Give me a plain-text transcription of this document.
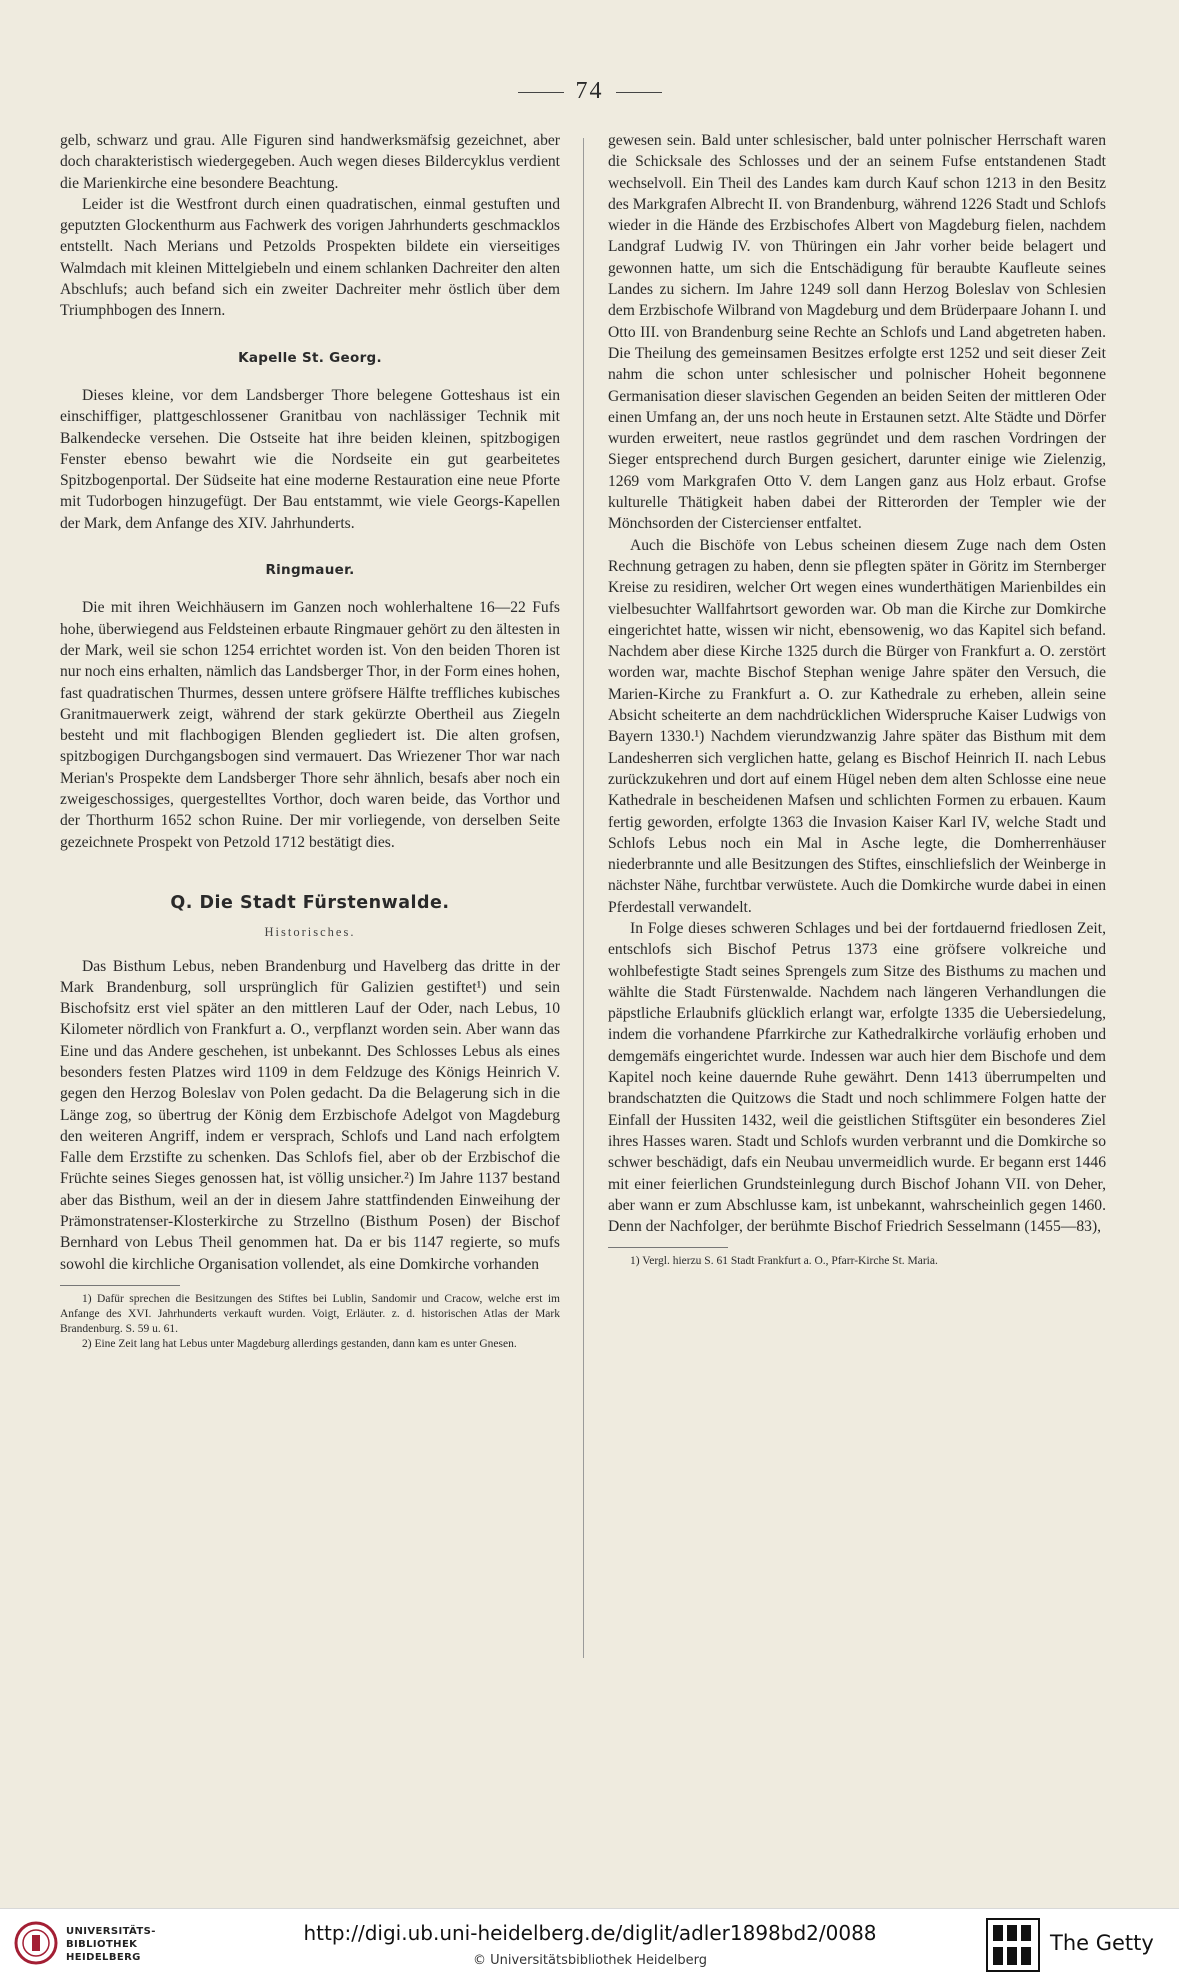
74

gelb, schwarz und grau. Alle Figuren sind handwerksmäfsig gezeichnet, aber doch charakteristisch wiedergegeben. Auch wegen dieses Bildercyklus verdient die Marienkirche eine besondere Beachtung.

Leider ist die Westfront durch einen quadratischen, einmal gestuften und geputzten Glockenthurm aus Fachwerk des vorigen Jahrhunderts geschmacklos entstellt. Nach Merians und Petzolds Prospekten bildete ein vierseitiges Walmdach mit kleinen Mittelgiebeln und einem schlanken Dachreiter den alten Abschlufs; auch befand sich ein zweiter Dachreiter mehr östlich über dem Triumphbogen des Innern.

Kapelle St. Georg.

Dieses kleine, vor dem Landsberger Thore belegene Gotteshaus ist ein einschiffiger, plattgeschlossener Granitbau von nachlässiger Technik mit Balkendecke versehen. Die Ostseite hat ihre beiden kleinen, spitzbogigen Fenster ebenso bewahrt wie die Nordseite ein gut gearbeitetes Spitzbogenportal. Der Südseite hat eine moderne Restauration eine neue Pforte mit Tudorbogen hinzugefügt. Der Bau entstammt, wie viele Georgs-Kapellen der Mark, dem Anfange des XIV. Jahrhunderts.

Ringmauer.

Die mit ihren Weichhäusern im Ganzen noch wohlerhaltene 16—22 Fufs hohe, überwiegend aus Feldsteinen erbaute Ringmauer gehört zu den ältesten in der Mark, weil sie schon 1254 errichtet worden ist. Von den beiden Thoren ist nur noch eins erhalten, nämlich das Landsberger Thor, in der Form eines hohen, fast quadratischen Thurmes, dessen untere gröfsere Hälfte treffliches kubisches Granitmauerwerk zeigt, während der stark gekürzte Obertheil aus Ziegeln besteht und mit flachbogigen Blenden gegliedert ist. Die alten grofsen, spitzbogigen Durchgangsbogen sind vermauert. Das Wriezener Thor war nach Merian's Prospekte dem Landsberger Thore sehr ähnlich, besafs aber noch ein zweigeschossiges, quergestelltes Vorthor, doch waren beide, das Vorthor und der Thorthurm 1652 schon Ruine. Der mir vorliegende, von derselben Seite gezeichnete Prospekt von Petzold 1712 bestätigt dies.

Q. Die Stadt Fürstenwalde.
Historisches.

Das Bisthum Lebus, neben Brandenburg und Havelberg das dritte in der Mark Brandenburg, soll ursprünglich für Galizien gestiftet¹) und sein Bischofsitz erst viel später an den mittleren Lauf der Oder, nach Lebus, 10 Kilometer nördlich von Frankfurt a. O., verpflanzt worden sein. Aber wann das Eine und das Andere geschehen, ist unbekannt. Des Schlosses Lebus als eines besonders festen Platzes wird 1109 in dem Feldzuge des Königs Heinrich V. gegen den Herzog Boleslav von Polen gedacht. Da die Belagerung sich in die Länge zog, so übertrug der König dem Erzbischofe Adelgot von Magdeburg den weiteren Angriff, indem er versprach, Schlofs und Land nach erfolgtem Falle dem Erzstifte zu schenken. Das Schlofs fiel, aber ob der Erzbischof die Früchte seines Sieges genossen hat, ist völlig unsicher.²) Im Jahre 1137 bestand aber das Bisthum, weil an der in diesem Jahre stattfindenden Einweihung der Prämonstratenser-Klosterkirche zu Strzellno (Bisthum Posen) der Bischof Bernhard von Lebus Theil genommen hat. Da er bis 1147 regierte, so mufs sowohl die kirchliche Organisation vollendet, als eine Domkirche vorhanden

1) Dafür sprechen die Besitzungen des Stiftes bei Lublin, Sandomir und Cracow, welche erst im Anfange des XVI. Jahrhunderts verkauft wurden. Voigt, Erläuter. z. d. historischen Atlas der Mark Brandenburg. S. 59 u. 61.

2) Eine Zeit lang hat Lebus unter Magdeburg allerdings gestanden, dann kam es unter Gnesen.

gewesen sein. Bald unter schlesischer, bald unter polnischer Herrschaft waren die Schicksale des Schlosses und der an seinem Fufse entstandenen Stadt wechselvoll. Ein Theil des Landes kam durch Kauf schon 1213 in den Besitz des Markgrafen Albrecht II. von Brandenburg, während 1226 Stadt und Schlofs wieder in die Hände des Erzbischofes Albert von Magdeburg fielen, nachdem Landgraf Ludwig IV. von Thüringen ein Jahr vorher beide belagert und gewonnen hatte, um sich die Entschädigung für beraubte Kaufleute seines Landes zu sichern. Im Jahre 1249 soll dann Herzog Boleslav von Schlesien dem Erzbischofe Wilbrand von Magdeburg und dem Brüderpaare Johann I. und Otto III. von Brandenburg seine Rechte an Schlofs und Land abgetreten haben. Die Theilung des gemeinsamen Besitzes erfolgte erst 1252 und seit dieser Zeit nahm die schon unter schlesischer und polnischer Hoheit begonnene Germanisation dieser slavischen Gegenden an beiden Seiten der mittleren Oder einen Umfang an, der uns noch heute in Erstaunen setzt. Alte Städte und Dörfer wurden erweitert, neue rastlos gegründet und dem raschen Vordringen der Sieger entsprechend durch Burgen gesichert, darunter einige wie Zielenzig, 1269 vom Markgrafen Otto V. dem Langen ganz aus Holz erbaut. Grofse kulturelle Thätigkeit haben dabei der Ritterorden der Templer wie der Mönchsorden der Cistercienser entfaltet.

Auch die Bischöfe von Lebus scheinen diesem Zuge nach dem Osten Rechnung getragen zu haben, denn sie pflegten später in Göritz im Sternberger Kreise zu residiren, welcher Ort wegen eines wunderthätigen Marienbildes ein vielbesuchter Wallfahrtsort geworden war. Ob man die Kirche zur Domkirche eingerichtet hatte, wissen wir nicht, ebensowenig, wo das Kapitel sich befand. Nachdem aber diese Kirche 1325 durch die Bürger von Frankfurt a. O. zerstört worden war, machte Bischof Stephan wenige Jahre später den Versuch, die Marien-Kirche zu Frankfurt a. O. zur Kathedrale zu erheben, allein seine Absicht scheiterte an dem nachdrücklichen Widerspruche Kaiser Ludwigs von Bayern 1330.¹) Nachdem vierundzwanzig Jahre später das Bisthum mit dem Landesherren sich verglichen hatte, gelang es Bischof Heinrich II. nach Lebus zurückzukehren und dort auf einem Hügel neben dem alten Schlosse eine neue Kathedrale in bescheidenen Mafsen und schlichten Formen zu erbauen. Kaum fertig geworden, erfolgte 1363 die Invasion Kaiser Karl IV, welche Stadt und Schlofs Lebus noch ein Mal in Asche legte, die Domherrenhäuser niederbrannte und alle Besitzungen des Stiftes, einschliefslich der Weinberge in nächster Nähe, furchtbar verwüstete. Auch die Domkirche wurde dabei in einen Pferdestall verwandelt.

In Folge dieses schweren Schlages und bei der fortdauernd friedlosen Zeit, entschlofs sich Bischof Petrus 1373 eine gröfsere volkreiche und wohlbefestigte Stadt seines Sprengels zum Sitze des Bisthums zu machen und wählte die Stadt Fürstenwalde. Nachdem nach längeren Verhandlungen die päpstliche Erlaubnifs glücklich erlangt war, erfolgte 1335 die Uebersiedelung, indem die vorhandene Pfarrkirche zur Kathedralkirche vorläufig erhoben und demgemäfs eingerichtet wurde. Indessen war auch hier dem Bischofe und dem Kapitel noch keine dauernde Ruhe gewährt. Denn 1413 überrumpelten und brandschatzten die Quitzows die Stadt und noch schlimmere Folgen hatte der Einfall der Hussiten 1432, weil die geistlichen Stiftsgüter ein besonderes Ziel ihres Hasses waren. Stadt und Schlofs wurden verbrannt und die Domkirche so schwer beschädigt, dafs ein Neubau unvermeidlich wurde. Er begann erst 1446 mit einer feierlichen Grundsteinlegung durch Bischof Johann VII. von Deher, aber wann er zum Abschlusse kam, ist unbekannt, wahrscheinlich gegen 1460. Denn der Nachfolger, der berühmte Bischof Friedrich Sesselmann (1455—83),

1) Vergl. hierzu S. 61 Stadt Frankfurt a. O., Pfarr-Kirche St. Maria.

UNIVERSITÄTS-
BIBLIOTHEK
HEIDELBERG
http://digi.ub.uni-heidelberg.de/diglit/adler1898bd2/0088
© Universitätsbibliothek Heidelberg
The Getty
